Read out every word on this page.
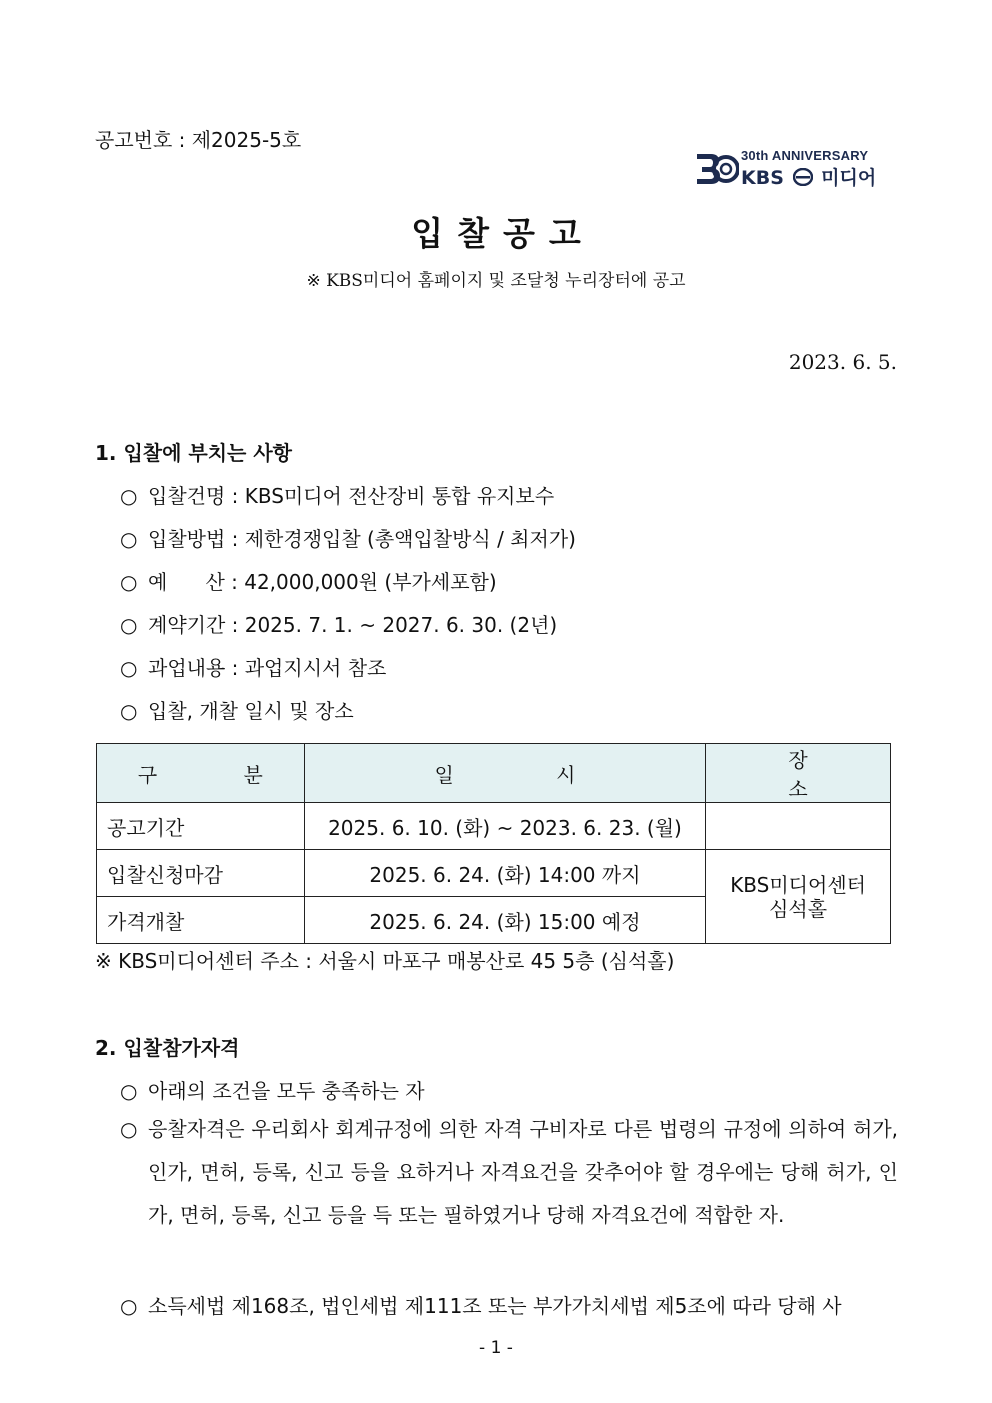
공고번호 : 제2025-5호
30th ANNIVERSARY
KBS 미디어
입찰공고
※ KBS미디어 홈페이지 및 조달청 누리장터에 공고
2023. 6. 5.
1. 입찰에 부치는 사항
○ 입찰건명 : KBS미디어 전산장비 통합 유지보수
○ 입찰방법 : 제한경쟁입찰 (총액입찰방식 / 최저가)
○ 예      산 : 42,000,000원 (부가세포함)
○ 계약기간 : 2025. 7. 1. ~ 2027. 6. 30. (2년)
○ 과업내용 : 과업지시서 참조
○ 입찰, 개찰 일시 및 장소
구 분	일 시	장 소
공고기간	2025. 6. 10. (화) ~ 2023. 6. 23. (월)	
입찰신청마감	2025. 6. 24. (화) 14:00 까지	KBS미디어센터
심석홀

가격개찰	2025. 6. 24. (화) 15:00 예정	
※ KBS미디어센터 주소 : 서울시 마포구 매봉산로 45 5층 (심석홀)
2. 입찰참가자격
○ 아래의 조건을 모두 충족하는 자
○ 응찰자격은 우리회사 회계규정에 의한 자격 구비자로 다른 법령의 규정에 의하여 허가, 인가, 면허, 등록, 신고 등을 요하거나 자격요건을 갖추어야 할 경우에는 당해 허가, 인가, 면허, 등록, 신고 등을 득 또는 필하였거나 당해 자격요건에 적합한 자.
○ 소득세법 제168조, 법인세법 제111조 또는 부가가치세법 제5조에 따라 당해 사
- 1 -
